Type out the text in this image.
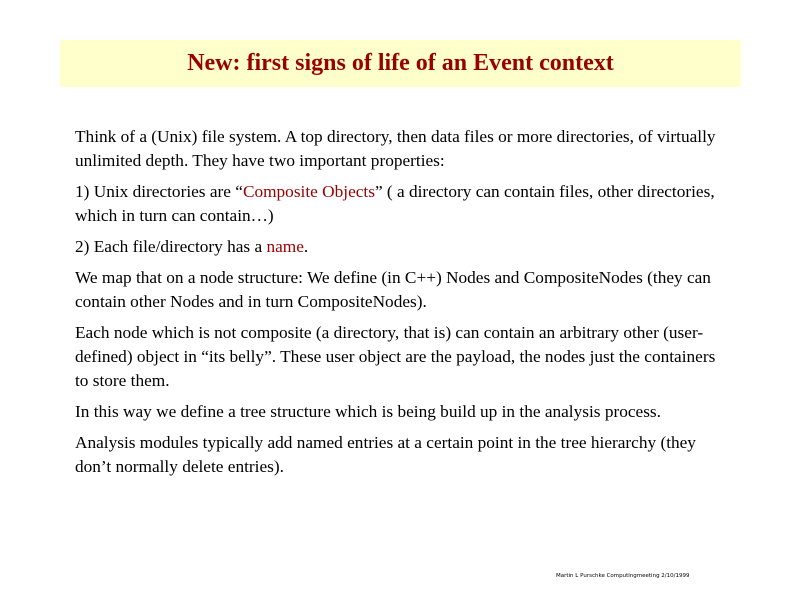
New: first signs of life of an Event context

Think of a (Unix) file system. A top directory, then data files or more directories, of virtually unlimited depth. They have two important properties:

1) Unix directories are “Composite Objects” ( a directory can contain files, other directories, which in turn can contain…)

2) Each file/directory has a name.

We map that on a node structure: We define (in C++) Nodes and CompositeNodes (they can contain other Nodes and in turn CompositeNodes).

Each node which is not composite (a directory, that is) can contain an arbitrary other (user-defined) object in “its belly”. These user object are the payload, the nodes just the containers to store them.

In this way we define a tree structure which is being build up in the analysis process.

Analysis modules typically add named entries at a certain point in the tree hierarchy (they don’t normally delete entries).

Martin L Purschke Computingmeeting 2/10/1999
